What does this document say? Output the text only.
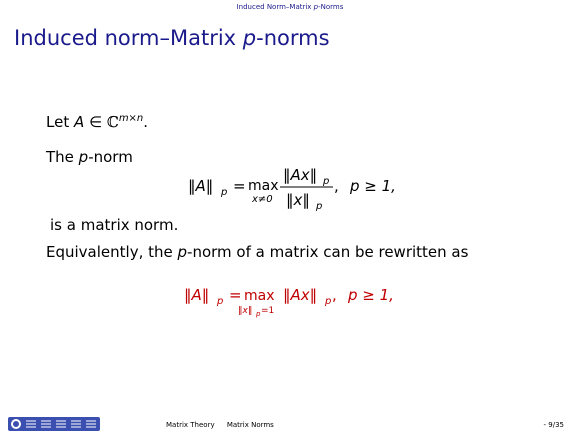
Induced Norm–Matrix p-Norms
Induced norm–Matrix p-norms
Let A ∈ ℂ$^{m\times n}$.
The p-norm
‖A‖ p = max
x≠0
‖Ax‖ p
‖x‖ p
, p ≥ 1,
is a matrix norm.
Equivalently, the p-norm of a matrix can be rewritten as
‖A‖ p = max
‖x‖ p =1
‖Ax‖ p , p ≥ 1,
Matrix Theory Matrix Norms	- 9/35
